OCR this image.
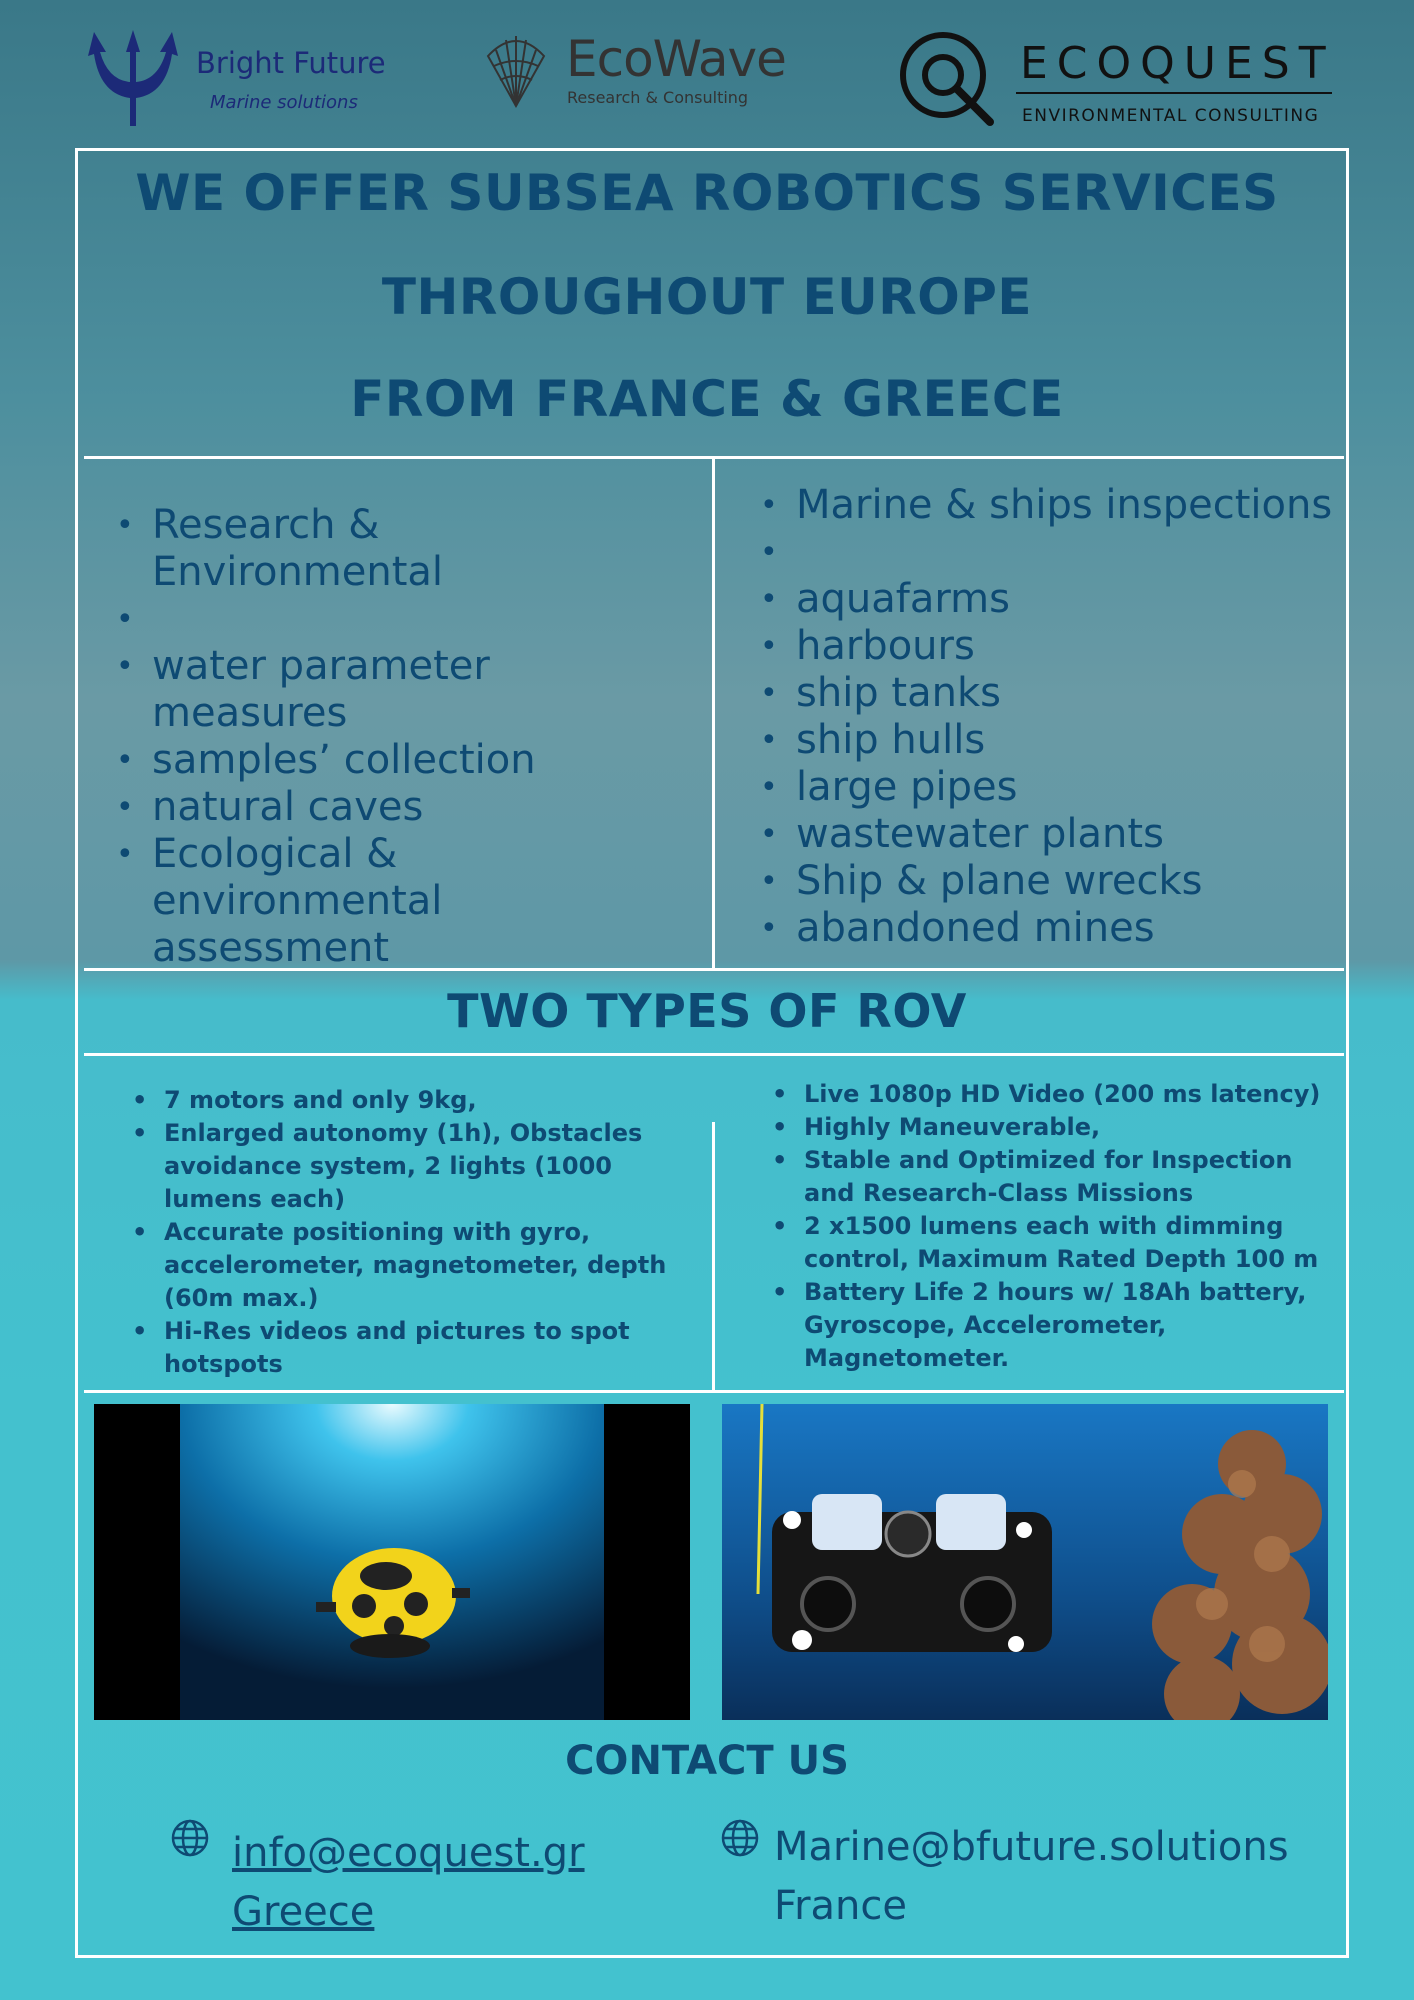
Bright Future
Marine solutions
EcoWave
Research & Consulting
ECOQUEST
ENVIRONMENTAL CONSULTING
WE OFFER SUBSEA ROBOTICS SERVICES
THROUGHOUT EUROPE
FROM FRANCE & GREECE
• Research & Environmental
•
• water parameter measures
• samples’ collection
• natural caves
• Ecological & environmental assessment
• Marine & ships inspections
•
• aquafarms
• harbours
• ship tanks
• ship hulls
• large pipes
• wastewater plants
• Ship & plane wrecks
• abandoned mines
TWO TYPES OF ROV
• 7 motors and only 9kg,
• Enlarged autonomy (1h), Obstacles avoidance system, 2 lights (1000 lumens each)
• Accurate positioning with gyro, accelerometer, magnetometer, depth (60m max.)
• Hi-Res videos and pictures to spot hotspots
• Live 1080p HD Video (200 ms latency)
• Highly Maneuverable,
• Stable and Optimized for Inspection and Research-Class Missions
• 2 x1500 lumens each with dimming control, Maximum Rated Depth 100 m
• Battery Life 2 hours w/ 18Ah battery, Gyroscope, Accelerometer, Magnetometer.
CONTACT US
info@ecoquest.gr
Greece
Marine@bfuture.solutions
France
